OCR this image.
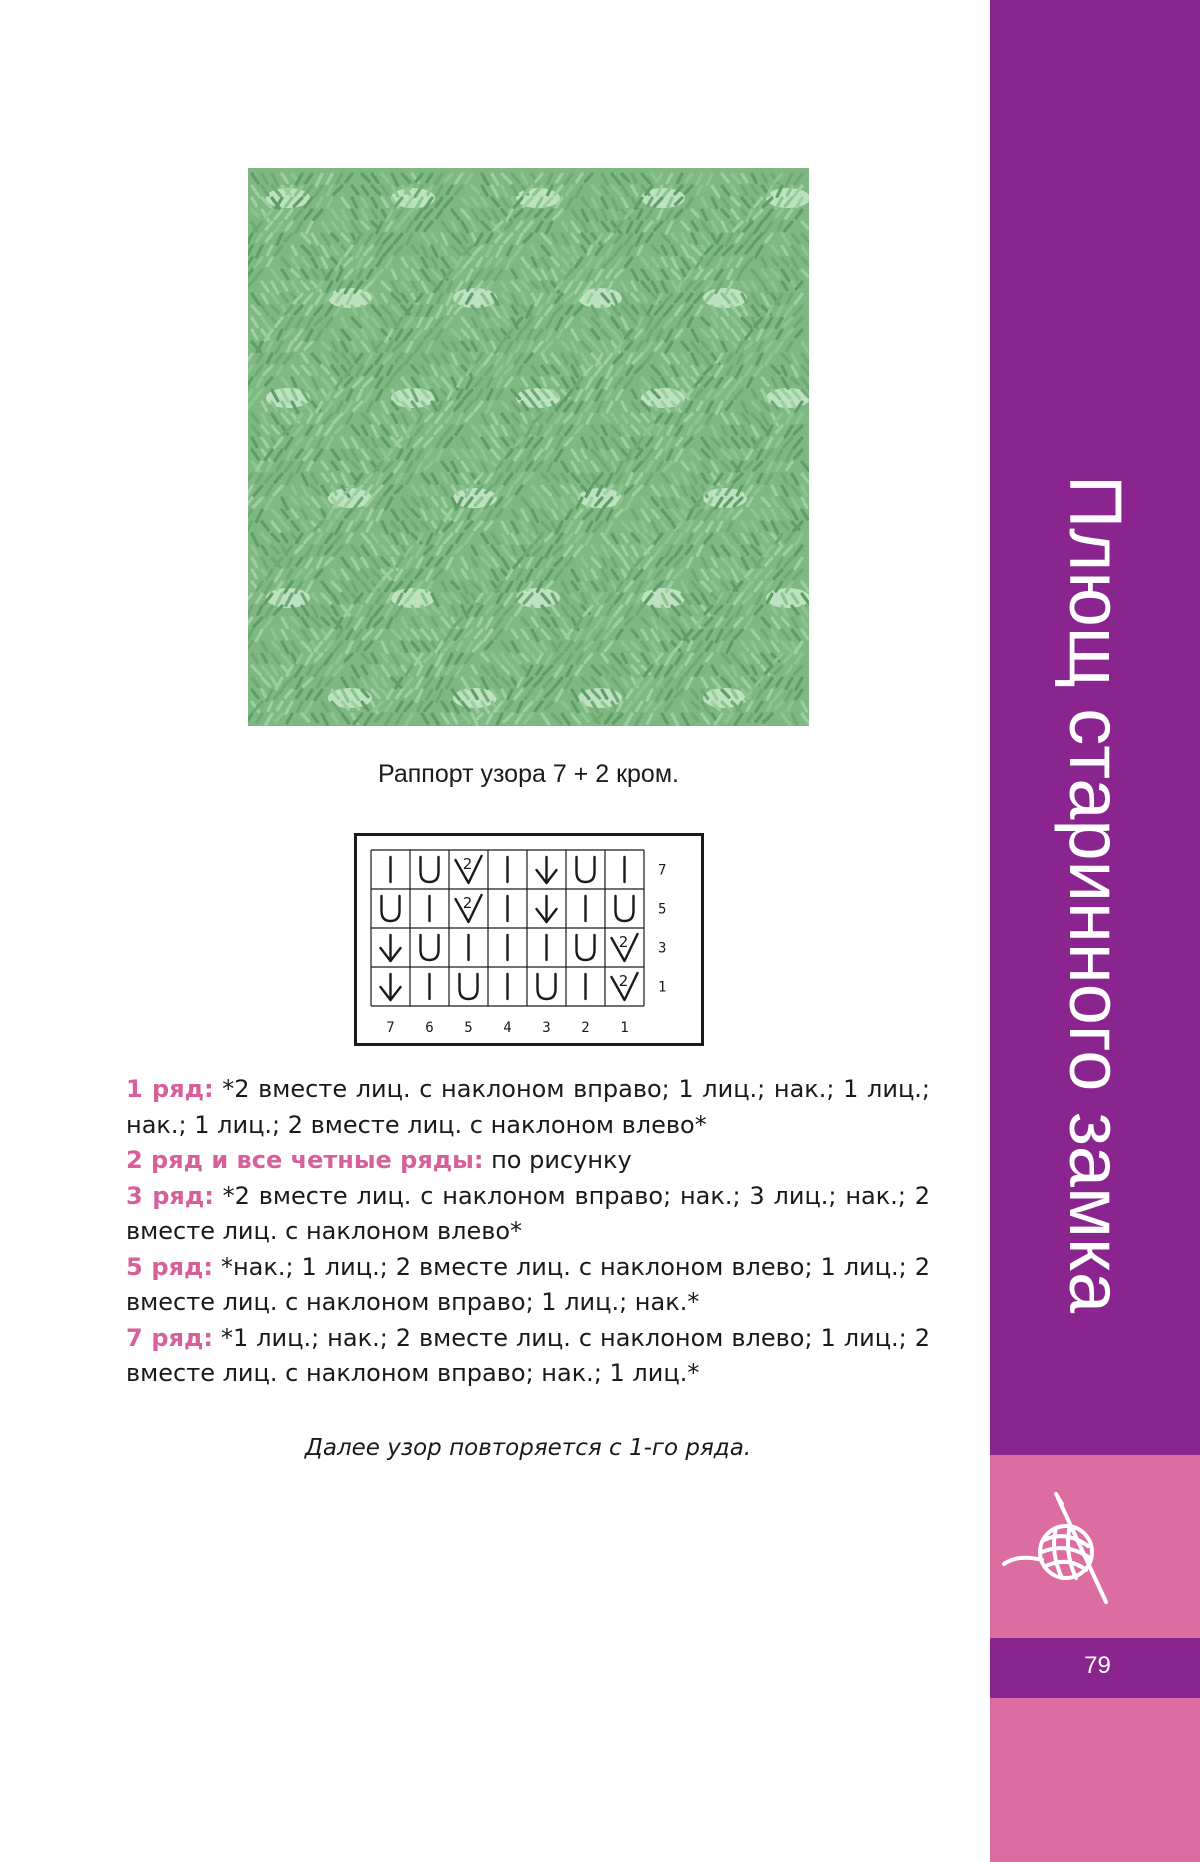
Плющ старинного замка
79
Раппорт узора 7 + 2 кром.
2
2
2
2
7
5
3
1
7 6 5 4 3 2 1

1 ряд: *2 вместе лиц. с наклоном вправо; 1 лиц.; нак.; 1 лиц.; нак.; 1 лиц.; 2 вместе лиц. с наклоном влево*

2 ряд и все четные ряды: по рисунку

3 ряд: *2 вместе лиц. с наклоном вправо; нак.; 3 лиц.; нак.; 2 вместе лиц. с наклоном влево*

5 ряд: *нак.; 1 лиц.; 2 вместе лиц. с наклоном влево; 1 лиц.; 2 вместе лиц. с наклоном вправо; 1 лиц.; нак.*

7 ряд: *1 лиц.; нак.; 2 вместе лиц. с наклоном влево; 1 лиц.; 2 вместе лиц. с наклоном вправо; нак.; 1 лиц.*

Далее узор повторяется с 1-го ряда.
